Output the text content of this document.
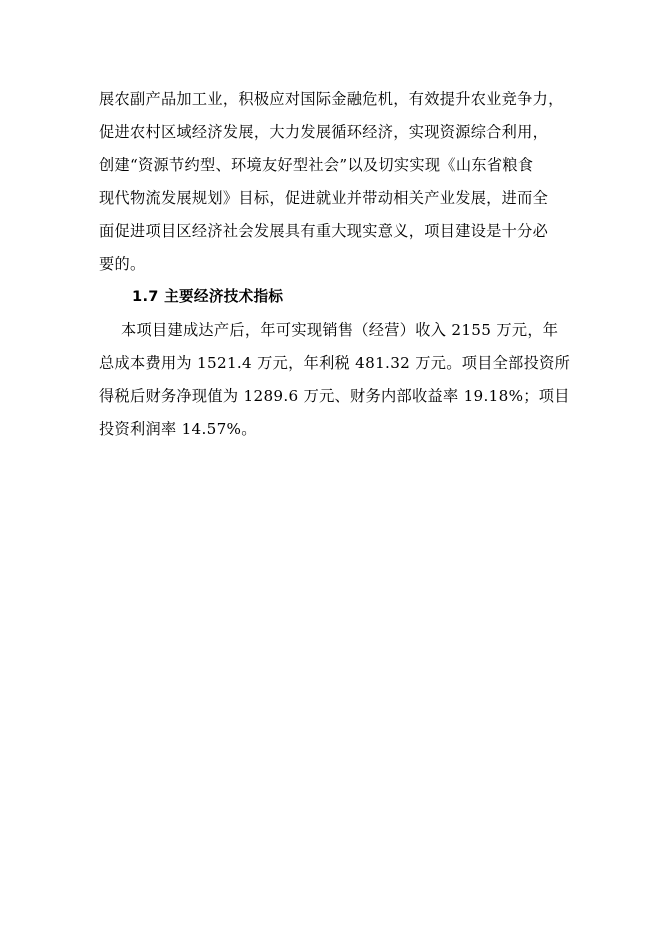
展农副产品加工业，积极应对国际金融危机，有效提升农业竞争力，
促进农村区域经济发展，大力发展循环经济，实现资源综合利用，
创建“资源节约型、环境友好型社会”以及切实实现《山东省粮食
现代物流发展规划》目标，促进就业并带动相关产业发展，进而全
面促进项目区经济社会发展具有重大现实意义，项目建设是十分必
要的。
1.7 主要经济技术指标
本项目建成达产后，年可实现销售（经营）收入 2155 万元，年
总成本费用为 1521.4 万元，年利税 481.32 万元。项目全部投资所
得税后财务净现值为 1289.6 万元、财务内部收益率 19.18%；项目
投资利润率 14.57%。
